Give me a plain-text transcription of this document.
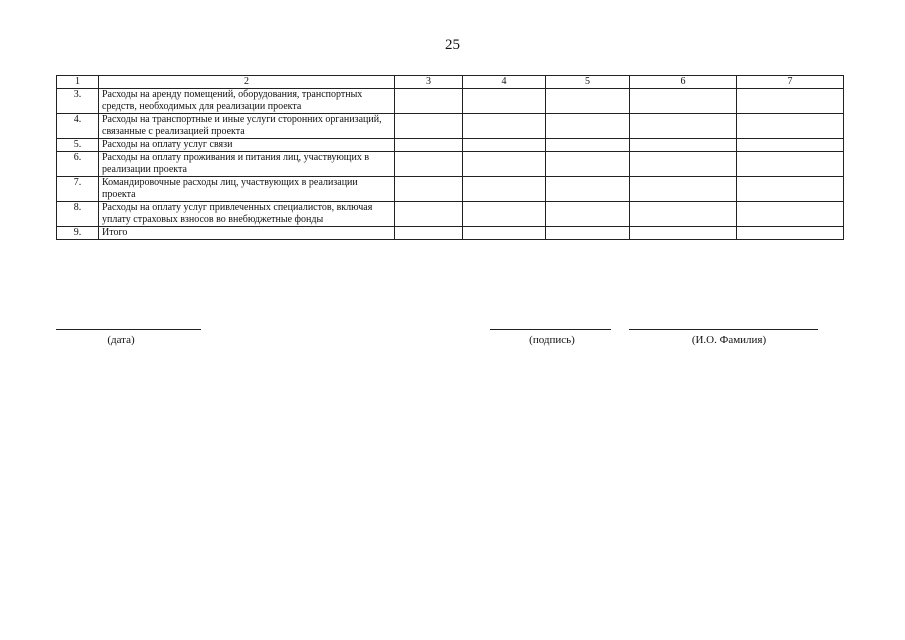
25
1	2	3	4	5	6	7
3.	Расходы на аренду помещений, оборудования, транспортных средств, необходимых для реализации проекта					
4.	Расходы на транспортные и иные услуги сторонних организаций, связанные с реализацией проекта					
5.	Расходы на оплату услуг связи					
6.	Расходы на оплату проживания и питания лиц, участвующих в реализации проекта					
7.	Командировочные расходы лиц, участвующих в реализации проекта					
8.	Расходы на оплату услуг привлеченных специалистов, включая уплату страховых взносов во внебюджетные фонды					
9.	Итого					
(дата)	(подпись)	(И.О. Фамилия)
